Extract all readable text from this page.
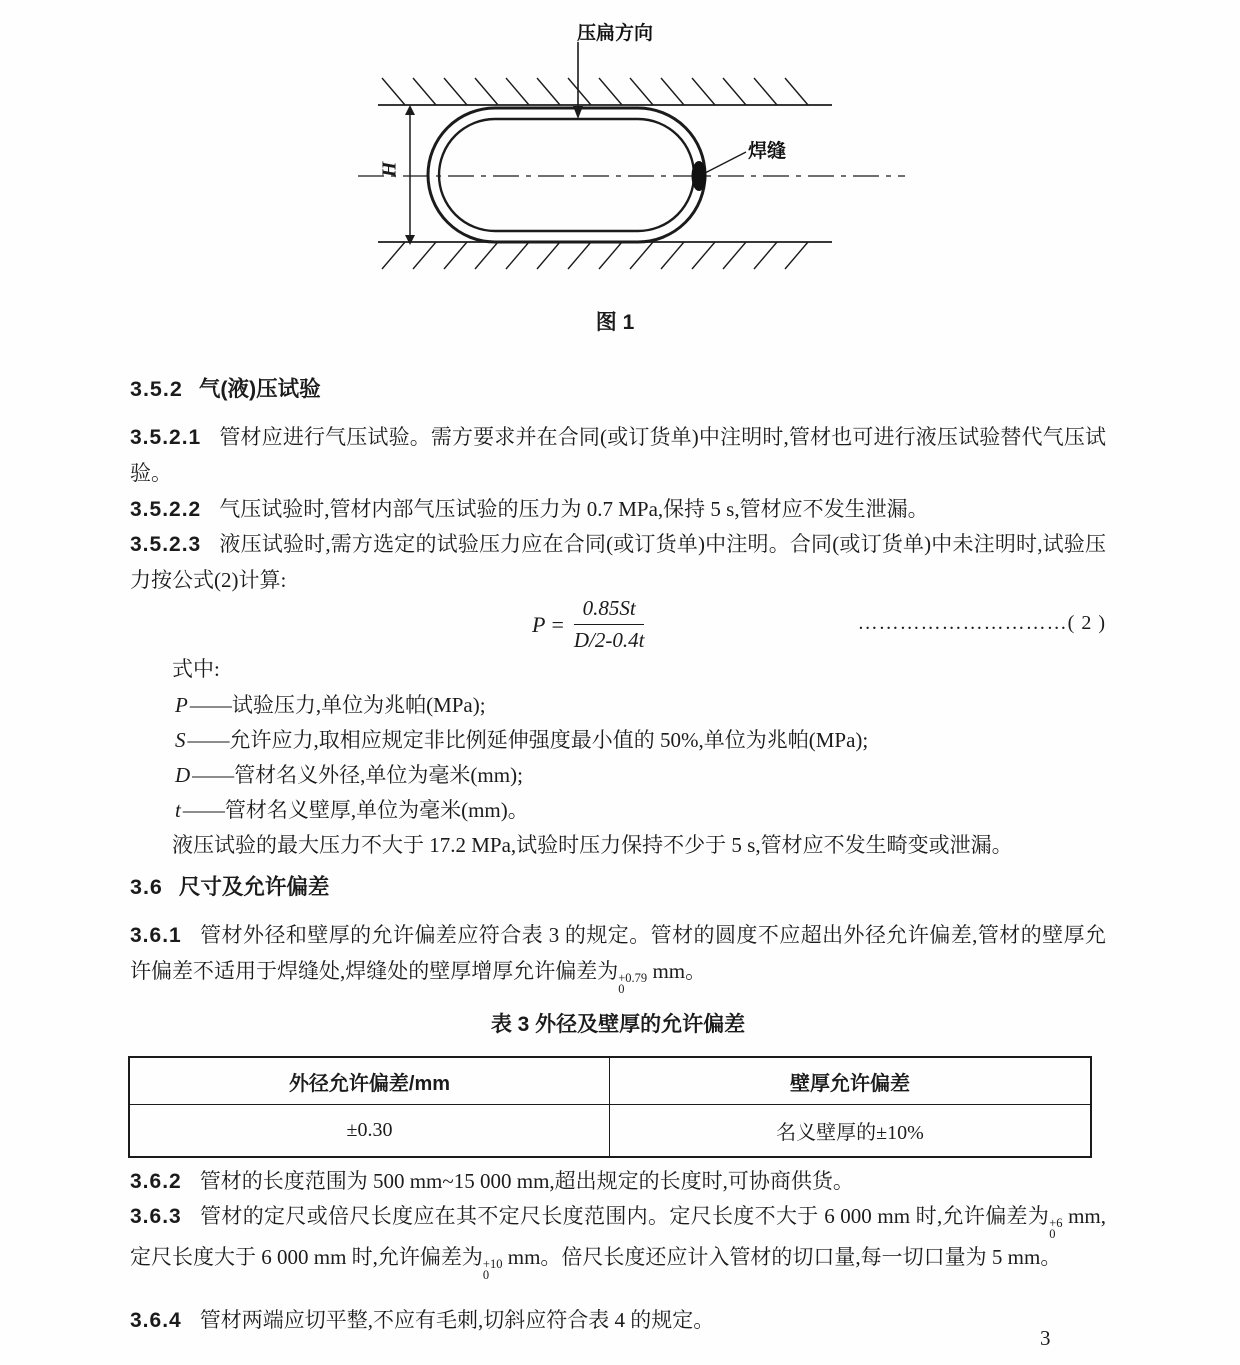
压扁方向
焊缝
H
图 1
3.5.2 气(液)压试验
3.5.2.1 管材应进行气压试验。需方要求并在合同(或订货单)中注明时,管材也可进行液压试验替代气压试验。
3.5.2.2 气压试验时,管材内部气压试验的压力为 0.7 MPa,保持 5 s,管材应不发生泄漏。
3.5.2.3 液压试验时,需方选定的试验压力应在合同(或订货单)中注明。合同(或订货单)中未注明时,试验压力按公式(2)计算:
$P = \frac{0.85St}{D/2-0.4t}$	…………………………( 2 )
式中:
P——试验压力,单位为兆帕(MPa);
S——允许应力,取相应规定非比例延伸强度最小值的 50%,单位为兆帕(MPa);
D——管材名义外径,单位为毫米(mm);
t——管材名义壁厚,单位为毫米(mm)。
液压试验的最大压力不大于 17.2 MPa,试验时压力保持不少于 5 s,管材应不发生畸变或泄漏。
3.6 尺寸及允许偏差
3.6.1 管材外径和壁厚的允许偏差应符合表 3 的规定。管材的圆度不应超出外径允许偏差,管材的壁厚允许偏差不适用于焊缝处,焊缝处的壁厚增厚允许偏差为 +0.79
0
mm。
表 3 外径及壁厚的允许偏差
外径允许偏差/mm	壁厚允许偏差
±0.30	名义壁厚的±10%
3.6.2 管材的长度范围为 500 mm~15 000 mm,超出规定的长度时,可协商供货。
3.6.3 管材的定尺或倍尺长度应在其不定尺长度范围内。定尺长度不大于 6 000 mm 时,允许偏差为 +6
0
mm,定尺长度大于 6 000 mm 时,允许偏差为 +10
0
mm。倍尺长度还应计入管材的切口量,每一切口量为 5 mm。
3.6.4 管材两端应切平整,不应有毛刺,切斜应符合表 4 的规定。
3
